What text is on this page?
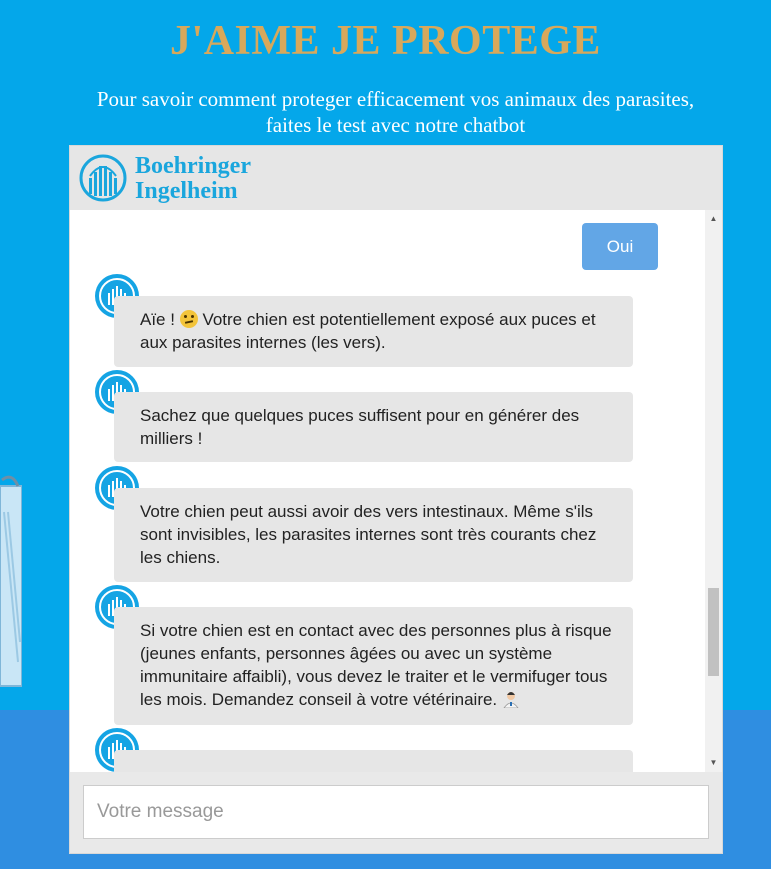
J'AIME JE PROTEGE
Pour savoir comment proteger efficacement vos animaux des parasites,
faites le test avec notre chatbot
Boehringer
Ingelheim
Oui
Aïe ! Votre chien est potentiellement exposé aux puces et aux parasites internes (les vers).
Sachez que quelques puces suffisent pour en générer des milliers !
Votre chien peut aussi avoir des vers intestinaux. Même s'ils sont invisibles, les parasites internes sont très courants chez les chiens.
Si votre chien est en contact avec des personnes plus à risque (jeunes enfants, personnes âgées ou avec un système immunitaire affaibli), vous devez le traiter et le vermifuger tous les mois. Demandez conseil à votre vétérinaire.
▲
▼
Votre message
